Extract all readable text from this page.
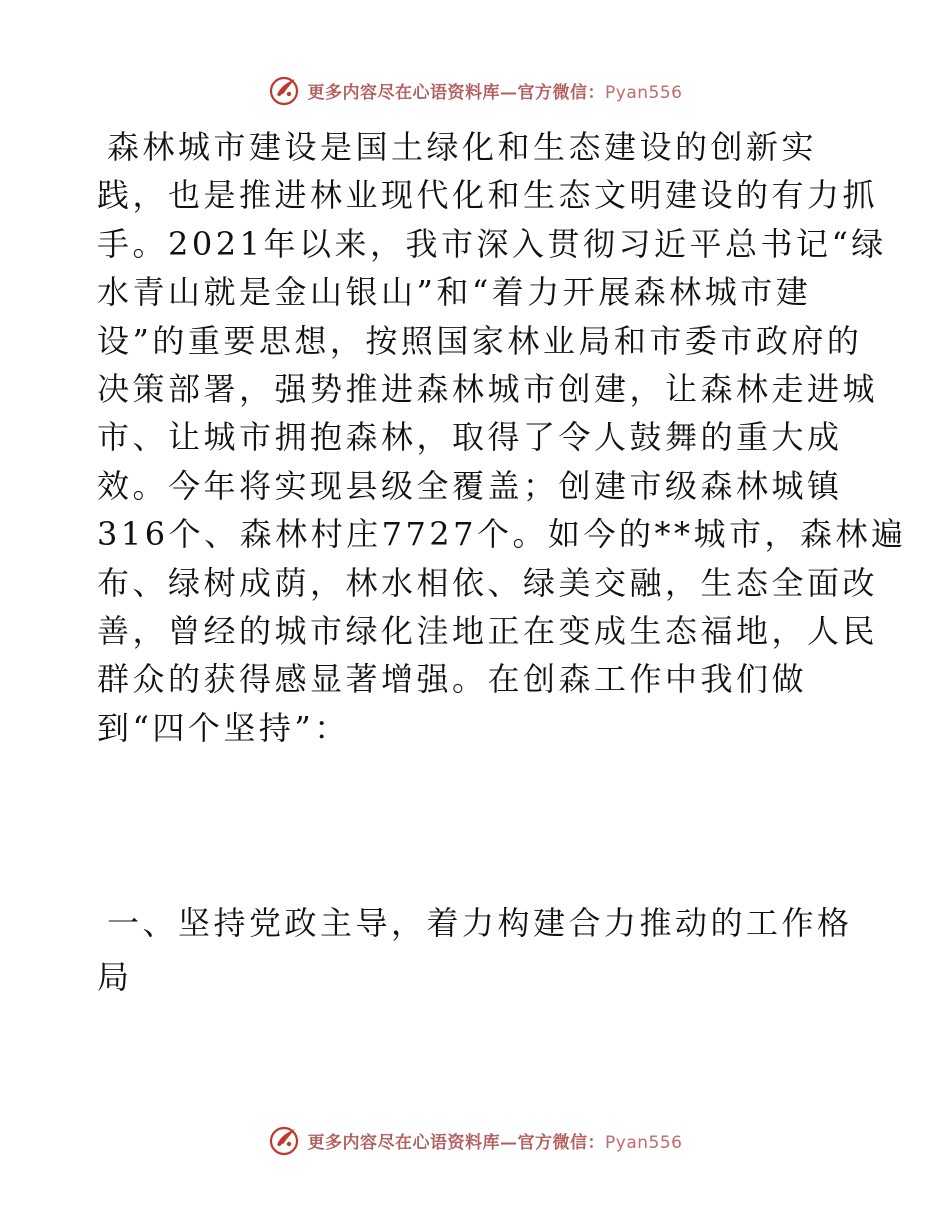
更多内容尽在心语资料库—官方微信：Pyan556
森林城市建设是国土绿化和生态建设的创新实
践，也是推进林业现代化和生态文明建设的有力抓
手。2021年以来，我市深入贯彻习近平总书记“绿
水青山就是金山银山”和“着力开展森林城市建
设”的重要思想，按照国家林业局和市委市政府的
决策部署，强势推进森林城市创建，让森林走进城
市、让城市拥抱森林，取得了令人鼓舞的重大成
效。今年将实现县级全覆盖；创建市级森林城镇
316个、森林村庄7727个。如今的**城市，森林遍
布、绿树成荫，林水相依、绿美交融，生态全面改
善，曾经的城市绿化洼地正在变成生态福地，人民
群众的获得感显著增强。在创森工作中我们做
到“四个坚持”：
一、坚持党政主导，着力构建合力推动的工作格
局
更多内容尽在心语资料库—官方微信：Pyan556
